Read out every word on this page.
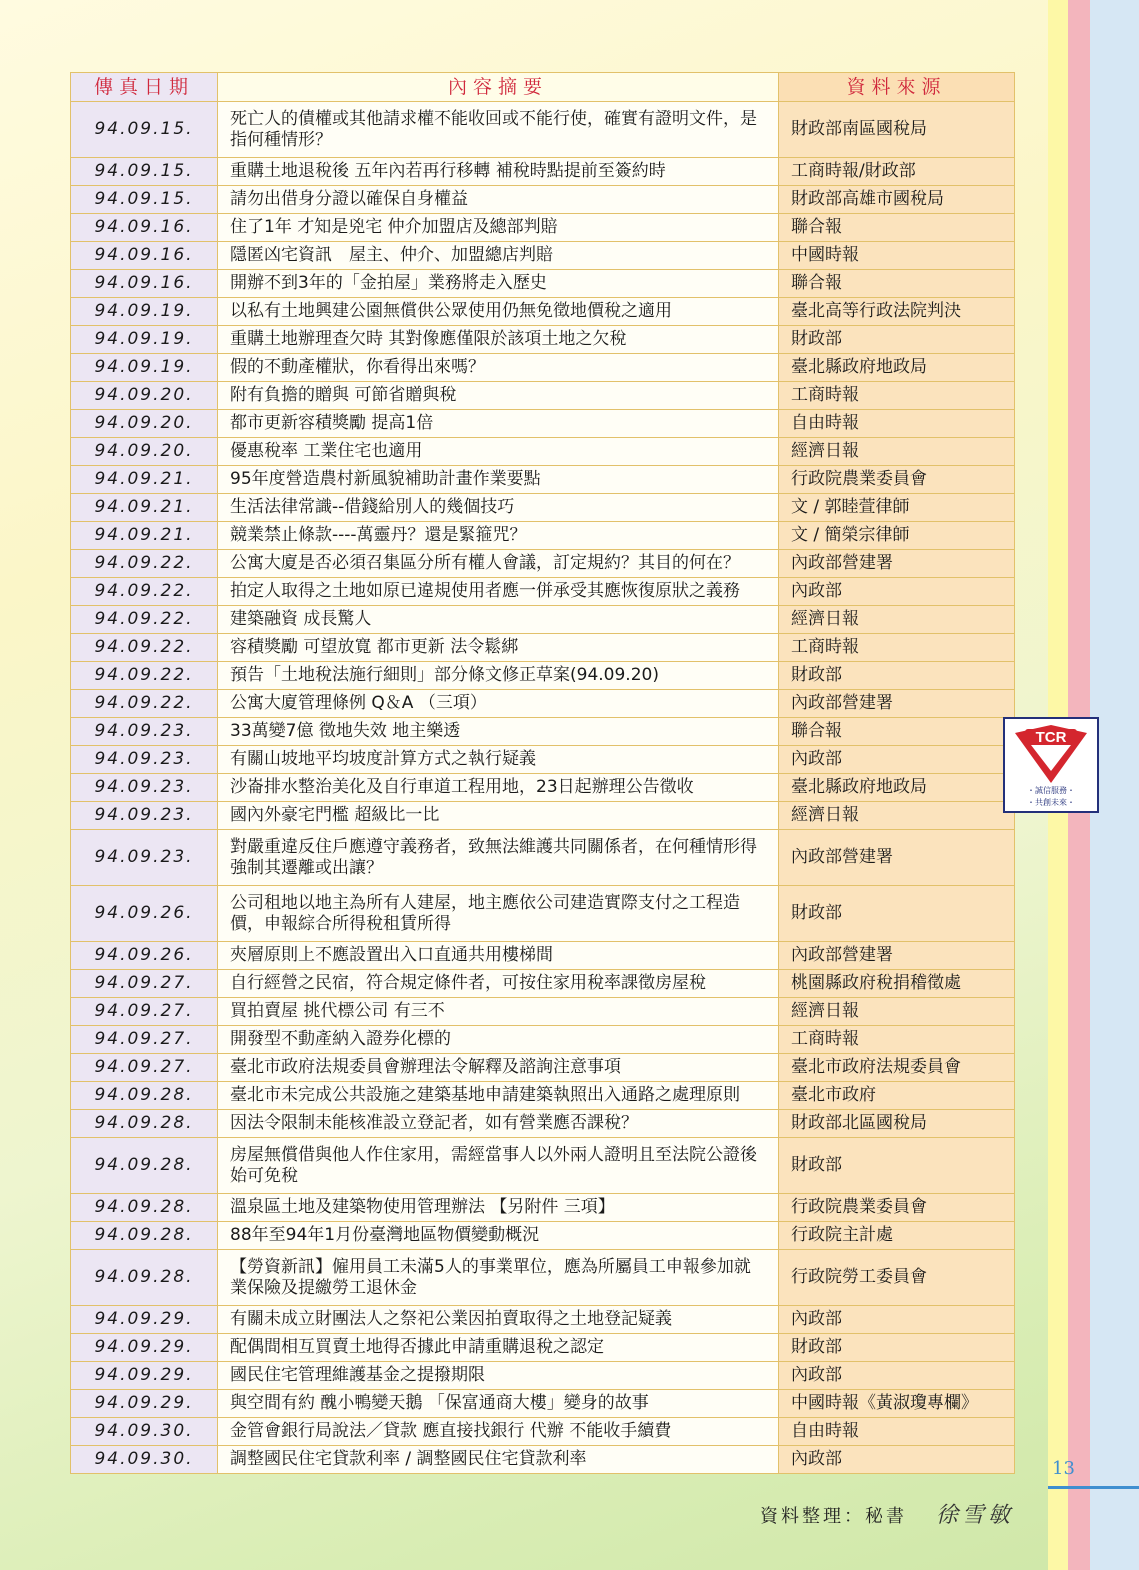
13
傳真日期	內容摘要	資料來源
94.09.15.	死亡人的債權或其他請求權不能收回或不能行使，確實有證明文件，是指何種情形？	財政部南區國稅局
94.09.15.	重購土地退稅後 五年內若再行移轉 補稅時點提前至簽約時	工商時報/財政部
94.09.15.	請勿出借身分證以確保自身權益	財政部高雄市國稅局
94.09.16.	住了1年 才知是兇宅 仲介加盟店及總部判賠	聯合報
94.09.16.	隱匿凶宅資訊　屋主、仲介、加盟總店判賠	中國時報
94.09.16.	開辦不到3年的「金拍屋」業務將走入歷史	聯合報
94.09.19.	以私有土地興建公園無償供公眾使用仍無免徵地價稅之適用	臺北高等行政法院判決
94.09.19.	重購土地辦理查欠時 其對像應僅限於該項土地之欠稅	財政部
94.09.19.	假的不動產權狀，你看得出來嗎？	臺北縣政府地政局
94.09.20.	附有負擔的贈與 可節省贈與稅	工商時報
94.09.20.	都市更新容積獎勵 提高1倍	自由時報
94.09.20.	優惠稅率 工業住宅也適用	經濟日報
94.09.21.	95年度營造農村新風貌補助計畫作業要點	行政院農業委員會
94.09.21.	生活法律常識--借錢給別人的幾個技巧	文 / 郭睦萱律師
94.09.21.	競業禁止條款----萬靈丹？還是緊箍咒？	文 / 簡榮宗律師
94.09.22.	公寓大廈是否必須召集區分所有權人會議，訂定規約？其目的何在？	內政部營建署
94.09.22.	拍定人取得之土地如原已違規使用者應一併承受其應恢復原狀之義務	內政部
94.09.22.	建築融資 成長驚人	經濟日報
94.09.22.	容積獎勵 可望放寬 都市更新 法令鬆綁	工商時報
94.09.22.	預告「土地稅法施行細則」部分條文修正草案(94.09.20)	財政部
94.09.22.	公寓大廈管理條例 Q＆A （三項）	內政部營建署
94.09.23.	33萬變7億 徵地失效 地主樂透	聯合報
94.09.23.	有關山坡地平均坡度計算方式之執行疑義	內政部
94.09.23.	沙崙排水整治美化及自行車道工程用地，23日起辦理公告徵收	臺北縣政府地政局
94.09.23.	國內外豪宅門檻 超級比一比	經濟日報
94.09.23.	對嚴重違反住戶應遵守義務者，致無法維護共同關係者，在何種情形得強制其遷離或出讓？	內政部營建署
94.09.26.	公司租地以地主為所有人建屋，地主應依公司建造實際支付之工程造價，申報綜合所得稅租賃所得	財政部
94.09.26.	夾層原則上不應設置出入口直通共用樓梯間	內政部營建署
94.09.27.	自行經營之民宿，符合規定條件者，可按住家用稅率課徵房屋稅	桃園縣政府稅捐稽徵處
94.09.27.	買拍賣屋 挑代標公司 有三不	經濟日報
94.09.27.	開發型不動產納入證券化標的	工商時報
94.09.27.	臺北市政府法規委員會辦理法令解釋及諮詢注意事項	臺北市政府法規委員會
94.09.28.	臺北市未完成公共設施之建築基地申請建築執照出入通路之處理原則	臺北市政府
94.09.28.	因法令限制未能核准設立登記者，如有營業應否課稅？	財政部北區國稅局
94.09.28.	房屋無償借與他人作住家用，需經當事人以外兩人證明且至法院公證後始可免稅	財政部
94.09.28.	溫泉區土地及建築物使用管理辦法 【另附件 三項】	行政院農業委員會
94.09.28.	88年至94年1月份臺灣地區物價變動概況	行政院主計處
94.09.28.	【勞資新訊】僱用員工未滿5人的事業單位，應為所屬員工申報參加就業保險及提繳勞工退休金	行政院勞工委員會
94.09.29.	有關未成立財團法人之祭祀公業因拍賣取得之土地登記疑義	內政部
94.09.29.	配偶間相互買賣土地得否據此申請重購退稅之認定	財政部
94.09.29.	國民住宅管理維護基金之提撥期限	內政部
94.09.29.	與空間有約 醜小鴨變天鵝 「保富通商大樓」變身的故事	中國時報《黃淑瓊專欄》
94.09.30.	金管會銀行局說法／貸款 應直接找銀行 代辦 不能收手續費	自由時報
94.09.30.	調整國民住宅貸款利率 / 調整國民住宅貸款利率	內政部
TCR
・誠信服務・
・共創未來・
資料整理：秘書 徐雪敏
